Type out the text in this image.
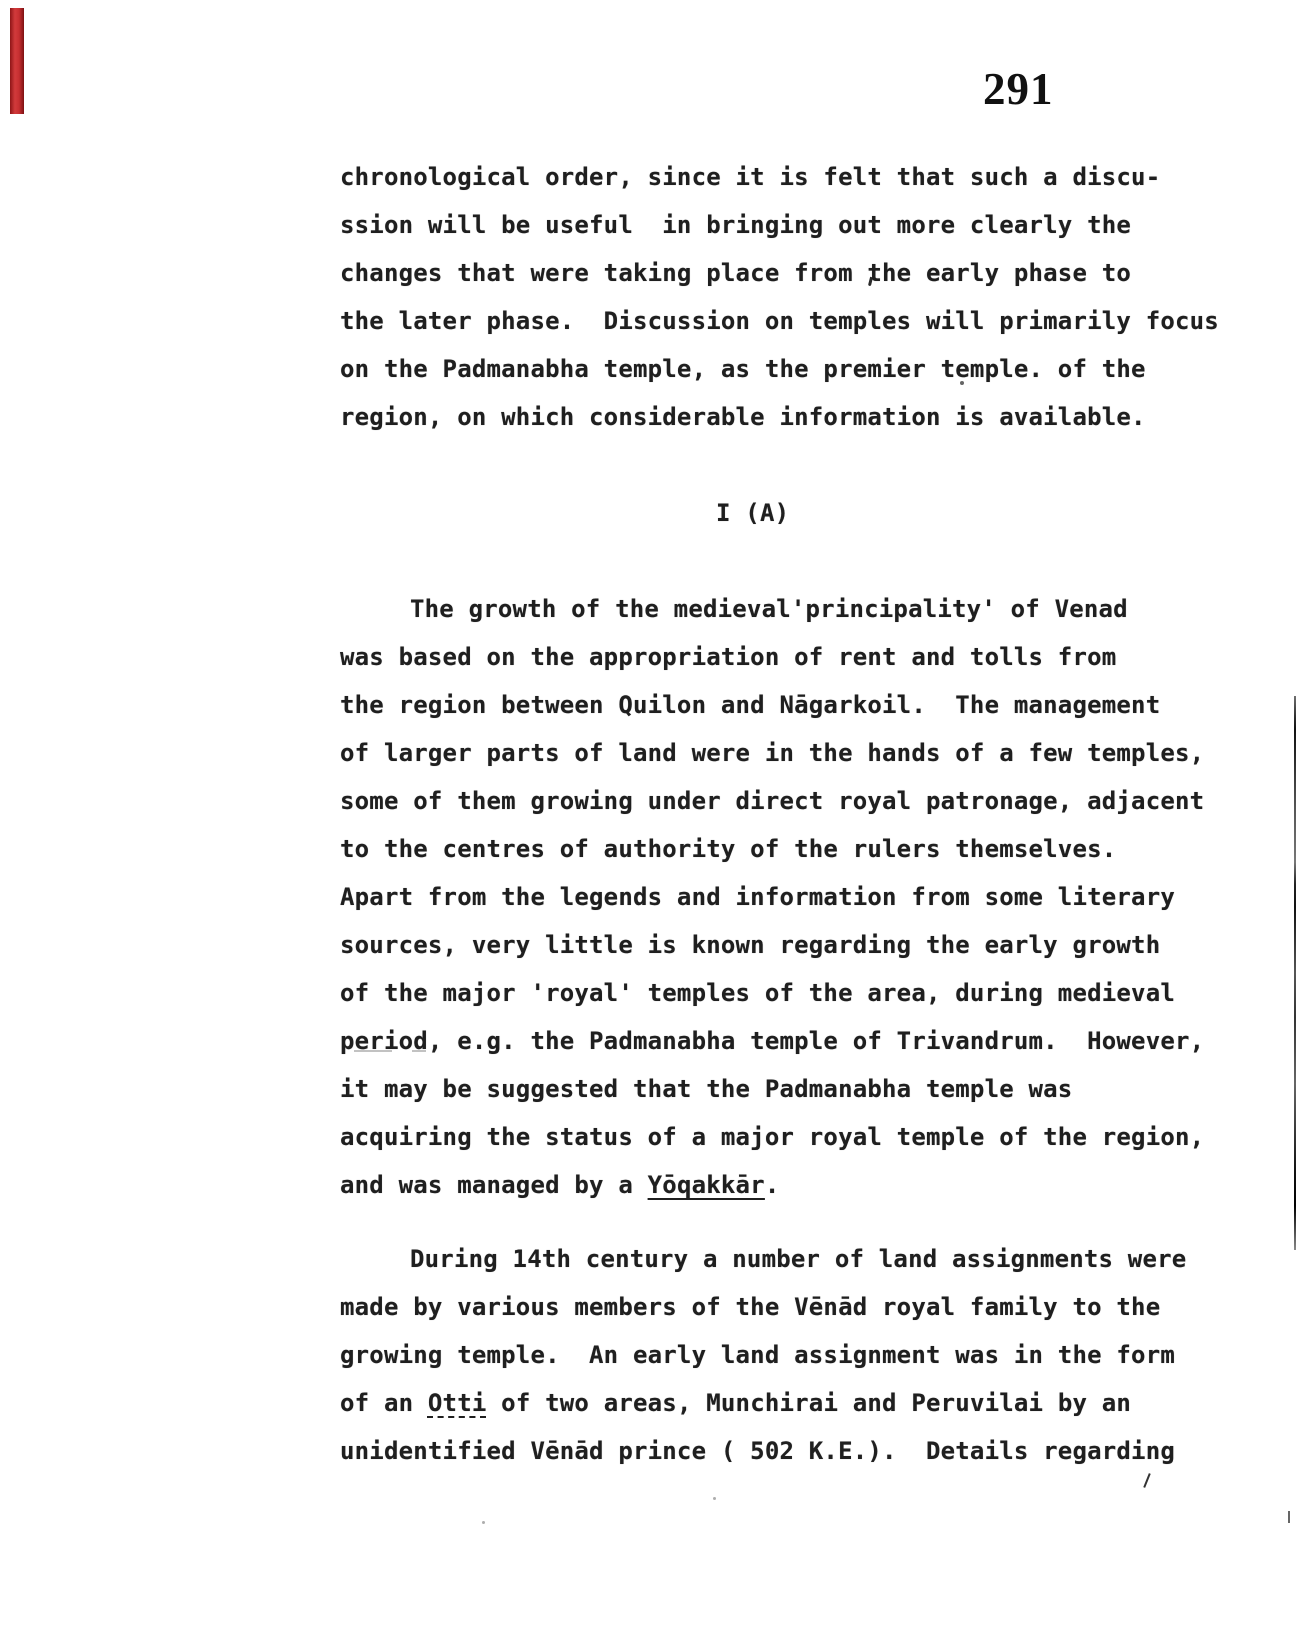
291
chronological order, since it is felt that such a discu-
ssion will be useful  in bringing out more clearly the
changes that were taking place from the early phase to
the later phase.  Discussion on temples will primarily focus
on the Padmanabha temple, as the premier temple. of the
region, on which considerable information is available.
I (A)
The growth of the medieval'principality' of Venad
was based on the appropriation of rent and tolls from
the region between Quilon and Nāgarkoil.  The management
of larger parts of land were in the hands of a few temples,
some of them growing under direct royal patronage, adjacent
to the centres of authority of the rulers themselves.
Apart from the legends and information from some literary
sources, very little is known regarding the early growth
of the major 'royal' temples of the area, during medieval
period, e.g. the Padmanabha temple of Trivandrum.  However,
it may be suggested that the Padmanabha temple was
acquiring the status of a major royal temple of the region,
and was managed by a Yōqakkār.
During 14th century a number of land assignments were
made by various members of the Vēnād royal family to the
growing temple.  An early land assignment was in the form
of an Otti of two areas, Munchirai and Peruvilai by an
unidentified Vēnād prince ( 502 K.E.).  Details regarding
